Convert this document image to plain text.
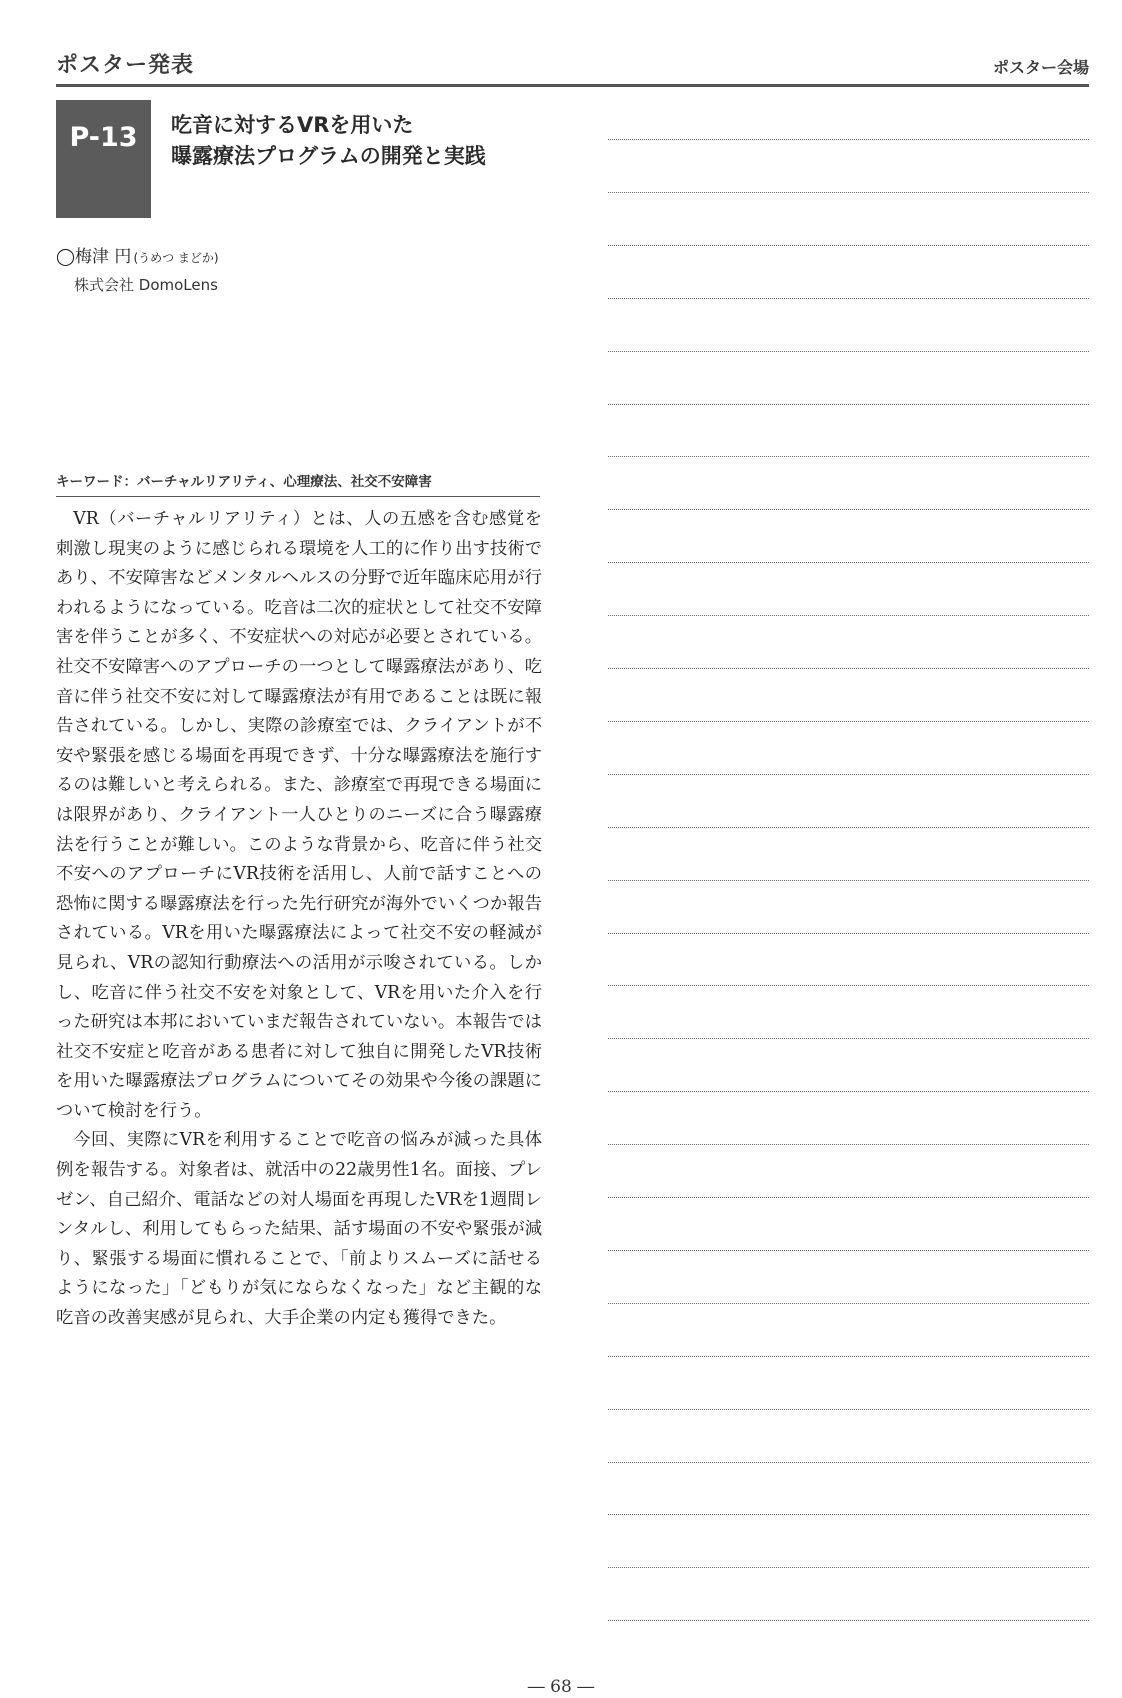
ポスター発表	ポスター会場
P-13	吃音に対するVRを用いた
曝露療法プログラムの開発と実践
◯梅津 円 (うめつ まどか)
株式会社 DomoLens
キーワード：バーチャルリアリティ、心理療法、社交不安障害

VR（バーチャルリアリティ）とは、人の五感を含む感覚を刺激し現実のように感じられる環境を人工的に作り出す技術であり、不安障害などメンタルヘルスの分野で近年臨床応用が行われるようになっている。吃音は二次的症状として社交不安障害を伴うことが多く、不安症状への対応が必要とされている。社交不安障害へのアプローチの一つとして曝露療法があり、吃音に伴う社交不安に対して曝露療法が有用であることは既に報告されている。しかし、実際の診療室では、クライアントが不安や緊張を感じる場面を再現できず、十分な曝露療法を施行するのは難しいと考えられる。また、診療室で再現できる場面には限界があり、クライアント一人ひとりのニーズに合う曝露療法を行うことが難しい。このような背景から、吃音に伴う社交不安へのアプローチにVR技術を活用し、人前で話すことへの恐怖に関する曝露療法を行った先行研究が海外でいくつか報告されている。VRを用いた曝露療法によって社交不安の軽減が見られ、VRの認知行動療法への活用が示唆されている。しかし、吃音に伴う社交不安を対象として、VRを用いた介入を行った研究は本邦においていまだ報告されていない。本報告では社交不安症と吃音がある患者に対して独自に開発したVR技術を用いた曝露療法プログラムについてその効果や今後の課題について検討を行う。

今回、実際にVRを利用することで吃音の悩みが減った具体例を報告する。対象者は、就活中の22歳男性1名。面接、プレゼン、自己紹介、電話などの対人場面を再現したVRを1週間レンタルし、利用してもらった結果、話す場面の不安や緊張が減り、緊張する場面に慣れることで、「前よりスムーズに話せるようになった」「どもりが気にならなくなった」など主観的な吃音の改善実感が見られ、大手企業の内定も獲得できた。

― 68 ―
